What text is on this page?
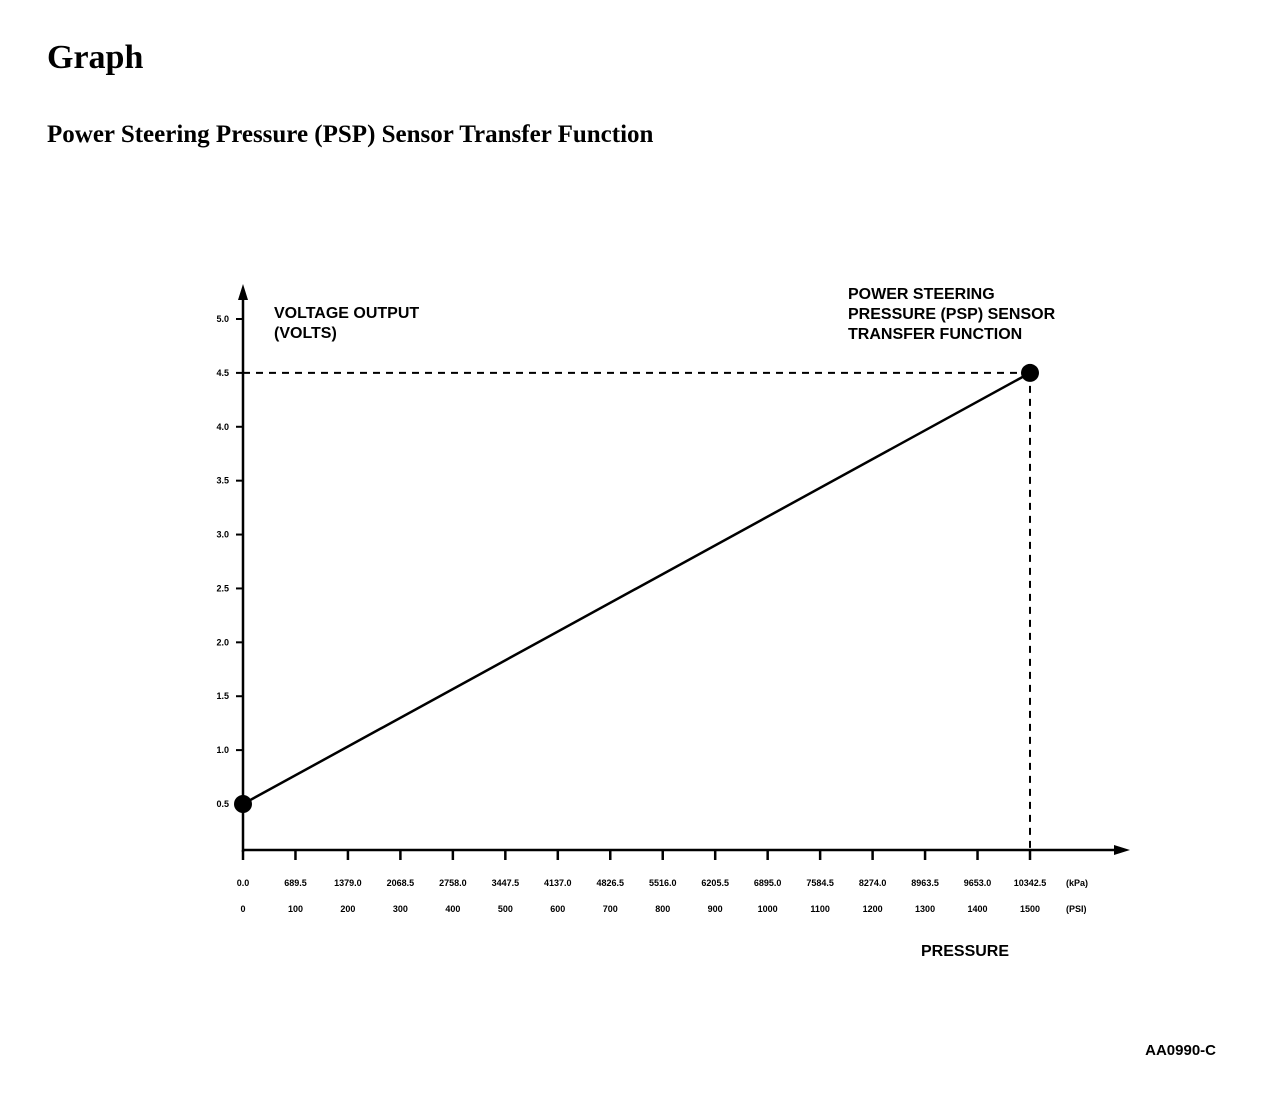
Graph
Power Steering Pressure (PSP) Sensor Transfer Function
0.5
1.0
1.5
2.0
2.5
3.0
3.5
4.0
4.5
5.0
0.0
0
689.5
100
1379.0
200
2068.5
300
2758.0
400
3447.5
500
4137.0
600
4826.5
700
5516.0
800
6205.5
900
6895.0
1000
7584.5
1100
8274.0
1200
8963.5
1300
9653.0
1400
10342.5
1500
VOLTAGE OUTPUT
(VOLTS)
POWER STEERING
PRESSURE (PSP) SENSOR
TRANSFER FUNCTION
(kPa)
(PSI)
PRESSURE
AA0990-C
